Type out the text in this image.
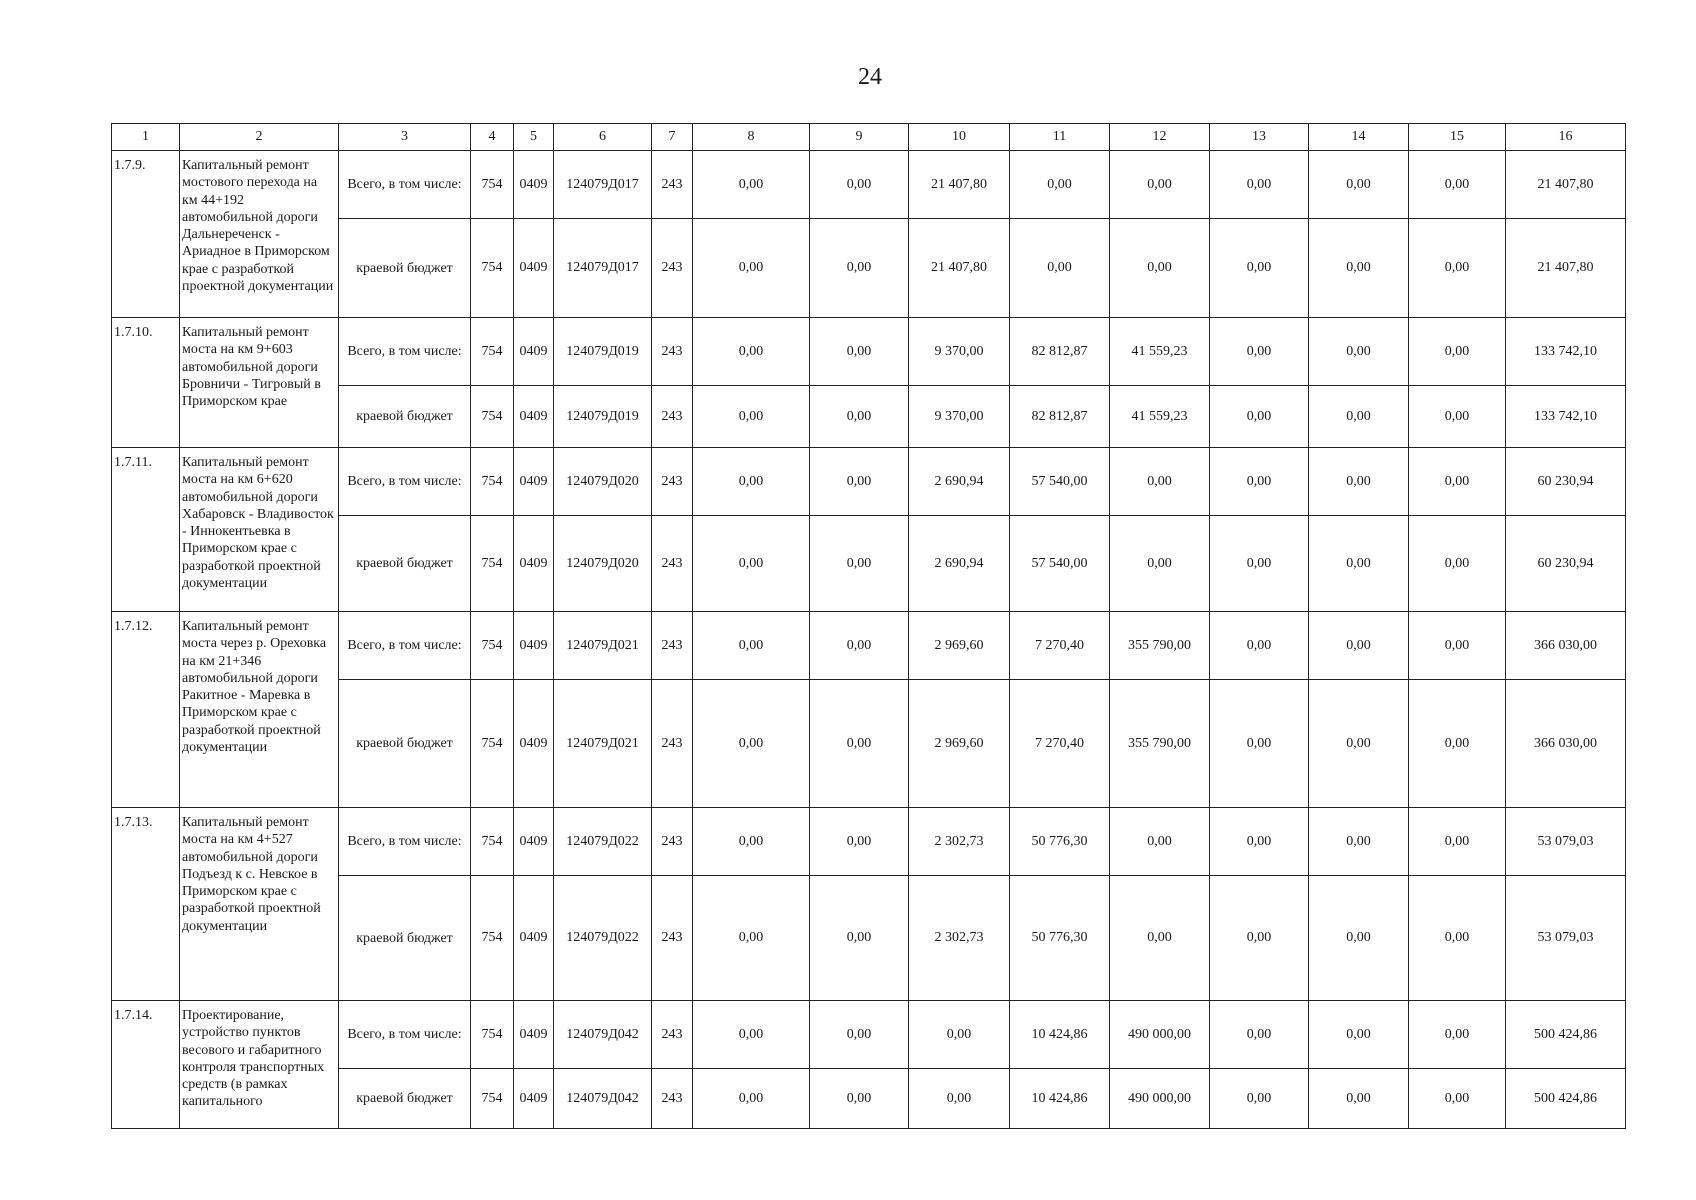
24
1	2	3	4	5	6	7	8	9	10	11	12	13	14	15	16
1.7.9.	Капитальный ремонт мостового перехода на км 44+192 автомобильной дороги Дальнереченск - Ариадное в Приморском крае с разработкой проектной документации	Всего, в том числе:	754	0409	124079Д017	243	0,00	0,00	21 407,80	0,00	0,00	0,00	0,00	0,00	21 407,80
		краевой бюджет	754	0409	124079Д017	243	0,00	0,00	21 407,80	0,00	0,00	0,00	0,00	0,00	21 407,80
1.7.10.	Капитальный ремонт моста на км 9+603 автомобильной дороги Бровничи - Тигровый в Приморском крае	Всего, в том числе:	754	0409	124079Д019	243	0,00	0,00	9 370,00	82 812,87	41 559,23	0,00	0,00	0,00	133 742,10
		краевой бюджет	754	0409	124079Д019	243	0,00	0,00	9 370,00	82 812,87	41 559,23	0,00	0,00	0,00	133 742,10
1.7.11.	Капитальный ремонт моста на км 6+620 автомобильной дороги Хабаровск - Владивосток - Иннокентьевка в Приморском крае с разработкой проектной документации	Всего, в том числе:	754	0409	124079Д020	243	0,00	0,00	2 690,94	57 540,00	0,00	0,00	0,00	0,00	60 230,94
		краевой бюджет	754	0409	124079Д020	243	0,00	0,00	2 690,94	57 540,00	0,00	0,00	0,00	0,00	60 230,94
1.7.12.	Капитальный ремонт моста через р. Ореховка на км 21+346 автомобильной дороги Ракитное - Маревка в Приморском крае с разработкой проектной документации	Всего, в том числе:	754	0409	124079Д021	243	0,00	0,00	2 969,60	7 270,40	355 790,00	0,00	0,00	0,00	366 030,00
		краевой бюджет	754	0409	124079Д021	243	0,00	0,00	2 969,60	7 270,40	355 790,00	0,00	0,00	0,00	366 030,00
1.7.13.	Капитальный ремонт моста на км 4+527 автомобильной дороги Подъезд к с. Невское в Приморском крае с разработкой проектной документации	Всего, в том числе:	754	0409	124079Д022	243	0,00	0,00	2 302,73	50 776,30	0,00	0,00	0,00	0,00	53 079,03
		краевой бюджет	754	0409	124079Д022	243	0,00	0,00	2 302,73	50 776,30	0,00	0,00	0,00	0,00	53 079,03
1.7.14.	Проектирование, устройство пунктов весового и габаритного контроля транспортных средств (в рамках капитального	Всего, в том числе:	754	0409	124079Д042	243	0,00	0,00	0,00	10 424,86	490 000,00	0,00	0,00	0,00	500 424,86
		краевой бюджет	754	0409	124079Д042	243	0,00	0,00	0,00	10 424,86	490 000,00	0,00	0,00	0,00	500 424,86
